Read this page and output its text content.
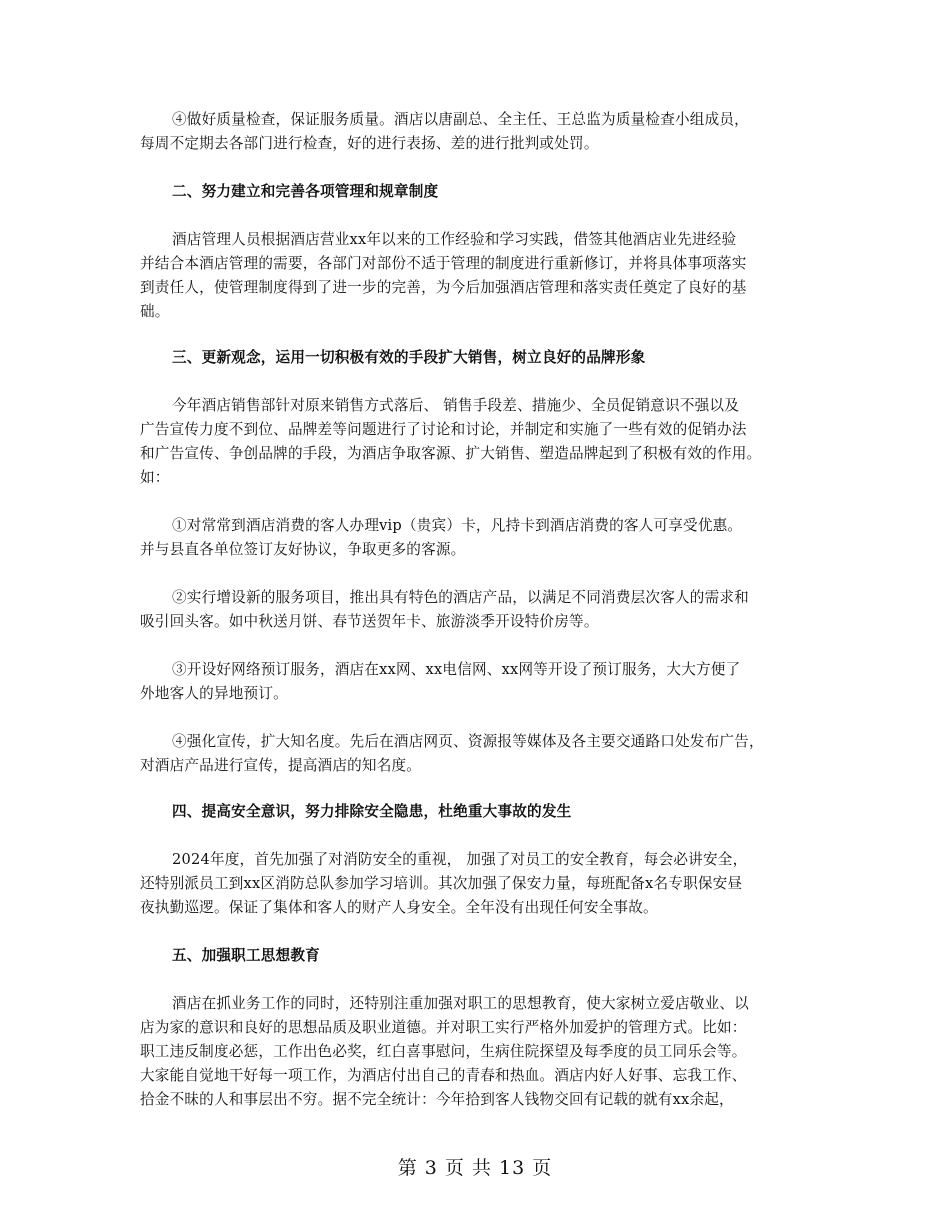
④做好质量检查，保证服务质量。酒店以唐副总、全主任、王总监为质量检查小组成员，
每周不定期去各部门进行检查，好的进行表扬、差的进行批判或处罚。
二、努力建立和完善各项管理和规章制度
酒店管理人员根据酒店营业xx年以来的工作经验和学习实践，借签其他酒店业先进经验
并结合本酒店管理的需要，各部门对部份不适于管理的制度进行重新修订，并将具体事项落实
到责任人，使管理制度得到了进一步的完善，为今后加强酒店管理和落实责任奠定了良好的基
础。
三、更新观念，运用一切积极有效的手段扩大销售，树立良好的品牌形象
今年酒店销售部针对原来销售方式落后、 销售手段差、措施少、全员促销意识不强以及
广告宣传力度不到位、品牌差等问题进行了讨论和讨论，并制定和实施了一些有效的促销办法
和广告宣传、争创品牌的手段，为酒店争取客源、扩大销售、塑造品牌起到了积极有效的作用。
如：
①对常常到酒店消费的客人办理vip（贵宾）卡，凡持卡到酒店消费的客人可享受优惠。
并与县直各单位签订友好协议，争取更多的客源。
②实行增设新的服务项目，推出具有特色的酒店产品，以满足不同消费层次客人的需求和
吸引回头客。如中秋送月饼、春节送贺年卡、旅游淡季开设特价房等。
③开设好网络预订服务，酒店在xx网、xx电信网、xx网等开设了预订服务，大大方便了
外地客人的异地预订。
④强化宣传，扩大知名度。先后在酒店网页、资源报等媒体及各主要交通路口处发布广告，
对酒店产品进行宣传，提高酒店的知名度。
四、提高安全意识，努力排除安全隐患，杜绝重大事故的发生
2024年度，首先加强了对消防安全的重视， 加强了对员工的安全教育，每会必讲安全，
还特别派员工到xx区消防总队参加学习培训。其次加强了保安力量，每班配备x名专职保安昼
夜执勤巡逻。保证了集体和客人的财产人身安全。全年没有出现任何安全事故。
五、加强职工思想教育
酒店在抓业务工作的同时，还特别注重加强对职工的思想教育，使大家树立爱店敬业、以
店为家的意识和良好的思想品质及职业道德。并对职工实行严格外加爱护的管理方式。比如：
职工违反制度必惩，工作出色必奖，红白喜事慰问，生病住院探望及每季度的员工同乐会等。
大家能自觉地干好每一项工作，为酒店付出自己的青春和热血。酒店内好人好事、忘我工作、
拾金不昧的人和事层出不穷。据不完全统计：今年拾到客人钱物交回有记载的就有xx余起，
第 3 页 共 13 页
